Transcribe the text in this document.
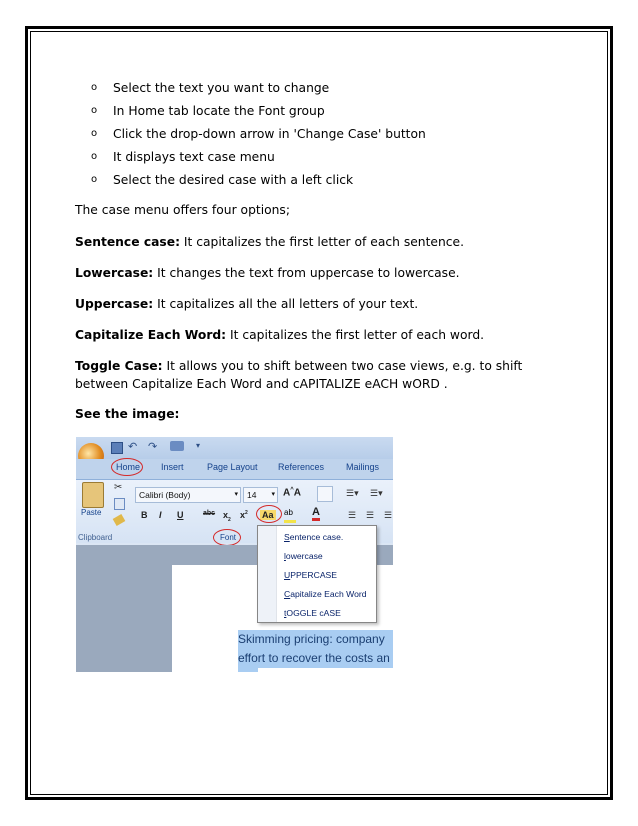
o Select the text you want to change
o In Home tab locate the Font group
o Click the drop-down arrow in 'Change Case' button
o It displays text case menu
o Select the desired case with a left click

The case menu offers four options;

Sentence case: It capitalizes the first letter of each sentence.

Lowercase: It changes the text from uppercase to lowercase.

Uppercase: It capitalizes all the all letters of your text.

Capitalize Each Word: It capitalizes the first letter of each word.

Toggle Case: It allows you to shift between two case views, e.g. to shift between Capitalize Each Word and cAPITALIZE eACH wORD .

See the image:

↶ ↷	▾
Home Insert	Page Layout References Mailings
Paste
✂
Calibri (Body)	▾	14 ▾ A^A	☰▾ ☰▾
B I U	abc $x_2$ $x^2$ Aa ab A	☰ ☰ ☰
Clipboard	Font
Skimming pricing: company
effort to recover the costs an
Sentence case.
lowercase
UPPERCASE
Capitalize Each Word
tOGGLE cASE
